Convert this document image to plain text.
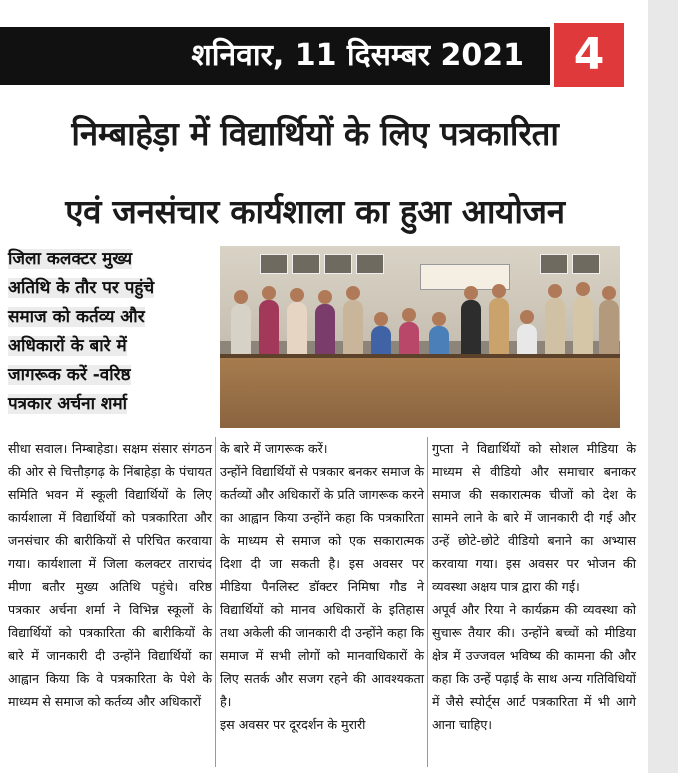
शनिवार, 11 दिसम्बर 2021	4
निम्बाहेड़ा में विद्यार्थियों के लिए पत्रकारिता
एवं जनसंचार कार्यशाला का हुआ आयोजन
जिला कलक्टर मुख्य
अतिथि के तौर पर पहुंचे
समाज को कर्तव्य और
अधिकारों के बारे में
जागरूक करें -वरिष्ठ
पत्रकार अर्चना शर्मा

सीधा सवाल। निम्बाहेडा। सक्षम संसार संगठन की ओर से चित्तौड़गढ़ के निंबाहेड़ा के पंचायत समिति भवन में स्कूली विद्यार्थियों के लिए कार्यशाला में विद्यार्थियों को पत्रकारिता और जनसंचार की बारीकियों से परिचित करवाया गया। कार्यशाला में जिला कलक्टर ताराचंद मीणा बतौर मुख्य अतिथि पहुंचे। वरिष्ठ पत्रकार अर्चना शर्मा ने विभिन्न स्कूलों के विद्यार्थियों को पत्रकारिता की बारीकियों के बारे में जानकारी दी उन्होंने विद्यार्थियों का आह्वान किया कि वे पत्रकारिता के पेशे के माध्यम से समाज को कर्तव्य और अधिकारों

के बारे में जागरूक करें।

उन्होंने विद्यार्थियों से पत्रकार बनकर समाज के कर्तव्यों और अधिकारों के प्रति जागरूक करने का आह्वान किया उन्होंने कहा कि पत्रकारिता के माध्यम से समाज को एक सकारात्मक दिशा दी जा सकती है। इस अवसर पर मीडिया पैनलिस्ट डॉक्टर निमिषा गौड ने विद्यार्थियों को मानव अधिकारों के इतिहास तथा अकेली की जानकारी दी उन्होंने कहा कि समाज में सभी लोगों को मानवाधिकारों के लिए सतर्क और सजग रहने की आवश्यकता है।

इस अवसर पर दूरदर्शन के मुरारी

गुप्ता ने विद्यार्थियों को सोशल मीडिया के माध्यम से वीडियो और समाचार बनाकर समाज की सकारात्मक चीजों को देश के सामने लाने के बारे में जानकारी दी गई और उन्हें छोटे-छोटे वीडियो बनाने का अभ्यास करवाया गया। इस अवसर पर भोजन की व्यवस्था अक्षय पात्र द्वारा की गई।

अपूर्व और रिया ने कार्यक्रम की व्यवस्था को सुचारू तैयार की। उन्होंने बच्चों को मीडिया क्षेत्र में उज्जवल भविष्य की कामना की और कहा कि उन्हें पढ़ाई के साथ अन्य गतिविधियों में जैसे स्पोर्ट्स आर्ट पत्रकारिता में भी आगे आना चाहिए।
